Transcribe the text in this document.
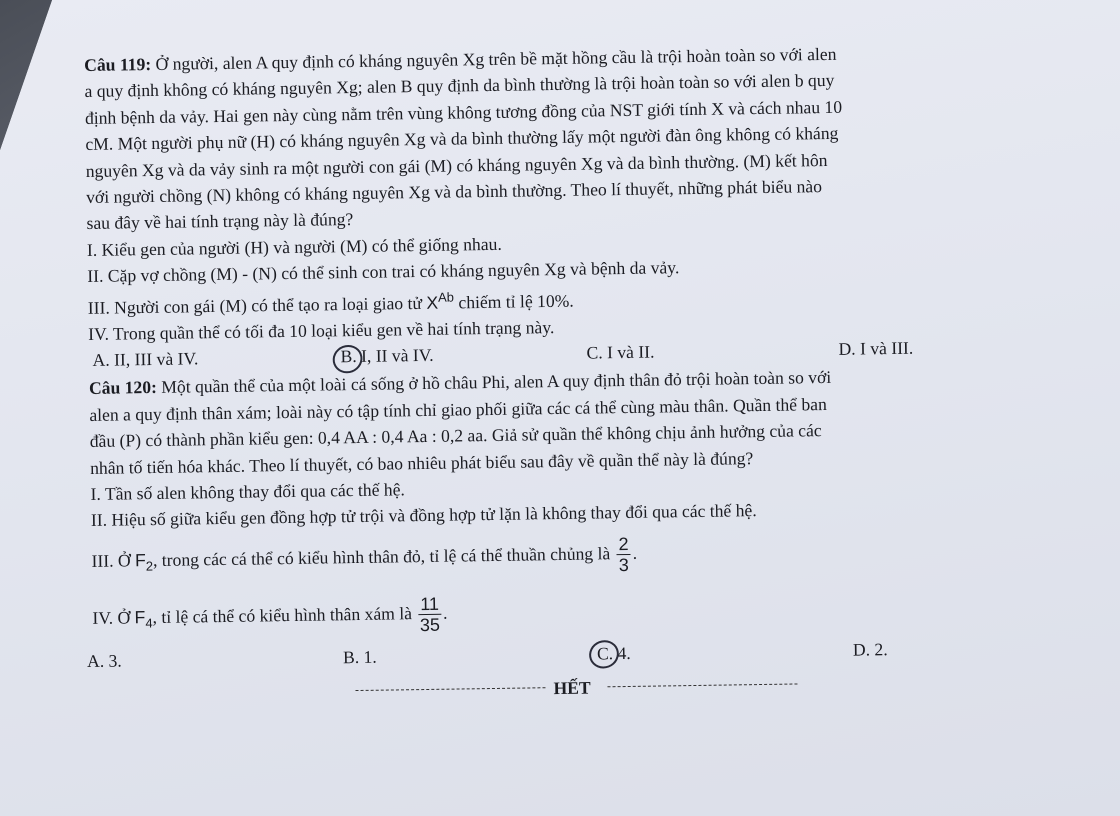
Câu 119: Ở người, alen A quy định có kháng nguyên Xg trên bề mặt hồng cầu là trội hoàn toàn so với alen
a quy định không có kháng nguyên Xg; alen B quy định da bình thường là trội hoàn toàn so với alen b quy
định bệnh da vảy. Hai gen này cùng nằm trên vùng không tương đồng của NST giới tính X và cách nhau 10
cM. Một người phụ nữ (H) có kháng nguyên Xg và da bình thường lấy một người đàn ông không có kháng
nguyên Xg và da vảy sinh ra một người con gái (M) có kháng nguyên Xg và da bình thường. (M) kết hôn
với người chồng (N) không có kháng nguyên Xg và da bình thường. Theo lí thuyết, những phát biểu nào
sau đây về hai tính trạng này là đúng?
I. Kiểu gen của người (H) và người (M) có thể giống nhau.
II. Cặp vợ chồng (M) - (N) có thể sinh con trai có kháng nguyên Xg và bệnh da vảy.
III. Người con gái (M) có thể tạo ra loại giao tử $X^{Ab}$ chiếm tỉ lệ 10%.
IV. Trong quần thể có tối đa 10 loại kiểu gen về hai tính trạng này.
A. II, III và IV.	B. I, II và IV.	C. I và II.	D. I và III.
Câu 120: Một quần thể của một loài cá sống ở hồ châu Phi, alen A quy định thân đỏ trội hoàn toàn so với
alen a quy định thân xám; loài này có tập tính chỉ giao phối giữa các cá thể cùng màu thân. Quần thể ban
đầu (P) có thành phần kiểu gen: 0,4 AA : 0,4 Aa : 0,2 aa. Giả sử quần thể không chịu ảnh hưởng của các
nhân tố tiến hóa khác. Theo lí thuyết, có bao nhiêu phát biểu sau đây về quần thể này là đúng?
I. Tần số alen không thay đổi qua các thế hệ.
II. Hiệu số giữa kiểu gen đồng hợp tử trội và đồng hợp tử lặn là không thay đổi qua các thế hệ.
III. Ở $F_2$, trong các cá thể có kiểu hình thân đỏ, tỉ lệ cá thể thuần chủng là $\frac{2}{3}$ .
IV. Ở $F_4$, tỉ lệ cá thể có kiểu hình thân xám là $\frac{11}{35}$ .
A. 3.	B. 1.	C. 4.	D. 2.
HẾT
